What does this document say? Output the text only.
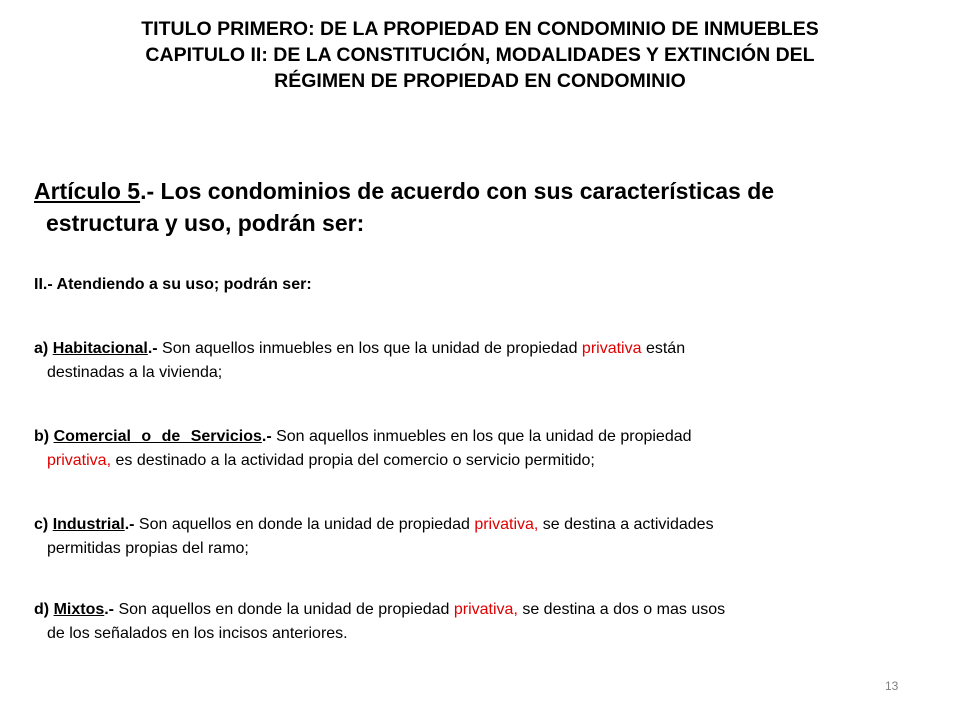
TITULO PRIMERO: DE LA PROPIEDAD EN CONDOMINIO DE INMUEBLES
CAPITULO II: DE LA CONSTITUCIÓN, MODALIDADES Y EXTINCIÓN DEL
RÉGIMEN DE PROPIEDAD EN CONDOMINIO
Artículo 5.- Los condominios de acuerdo con sus características de
estructura y uso, podrán ser:
II.- Atendiendo a su uso; podrán ser:
a) Habitacional.- Son aquellos inmuebles en los que la unidad de propiedad privativa están
destinadas a la vivienda;
b) Comercial o de Servicios.- Son aquellos inmuebles en los que la unidad de propiedad
privativa, es destinado a la actividad propia del comercio o servicio permitido;
c) Industrial.- Son aquellos en donde la unidad de propiedad privativa, se destina a actividades
permitidas propias del ramo;
d) Mixtos.- Son aquellos en donde la unidad de propiedad privativa, se destina a dos o mas usos
de los señalados en los incisos anteriores.
13
